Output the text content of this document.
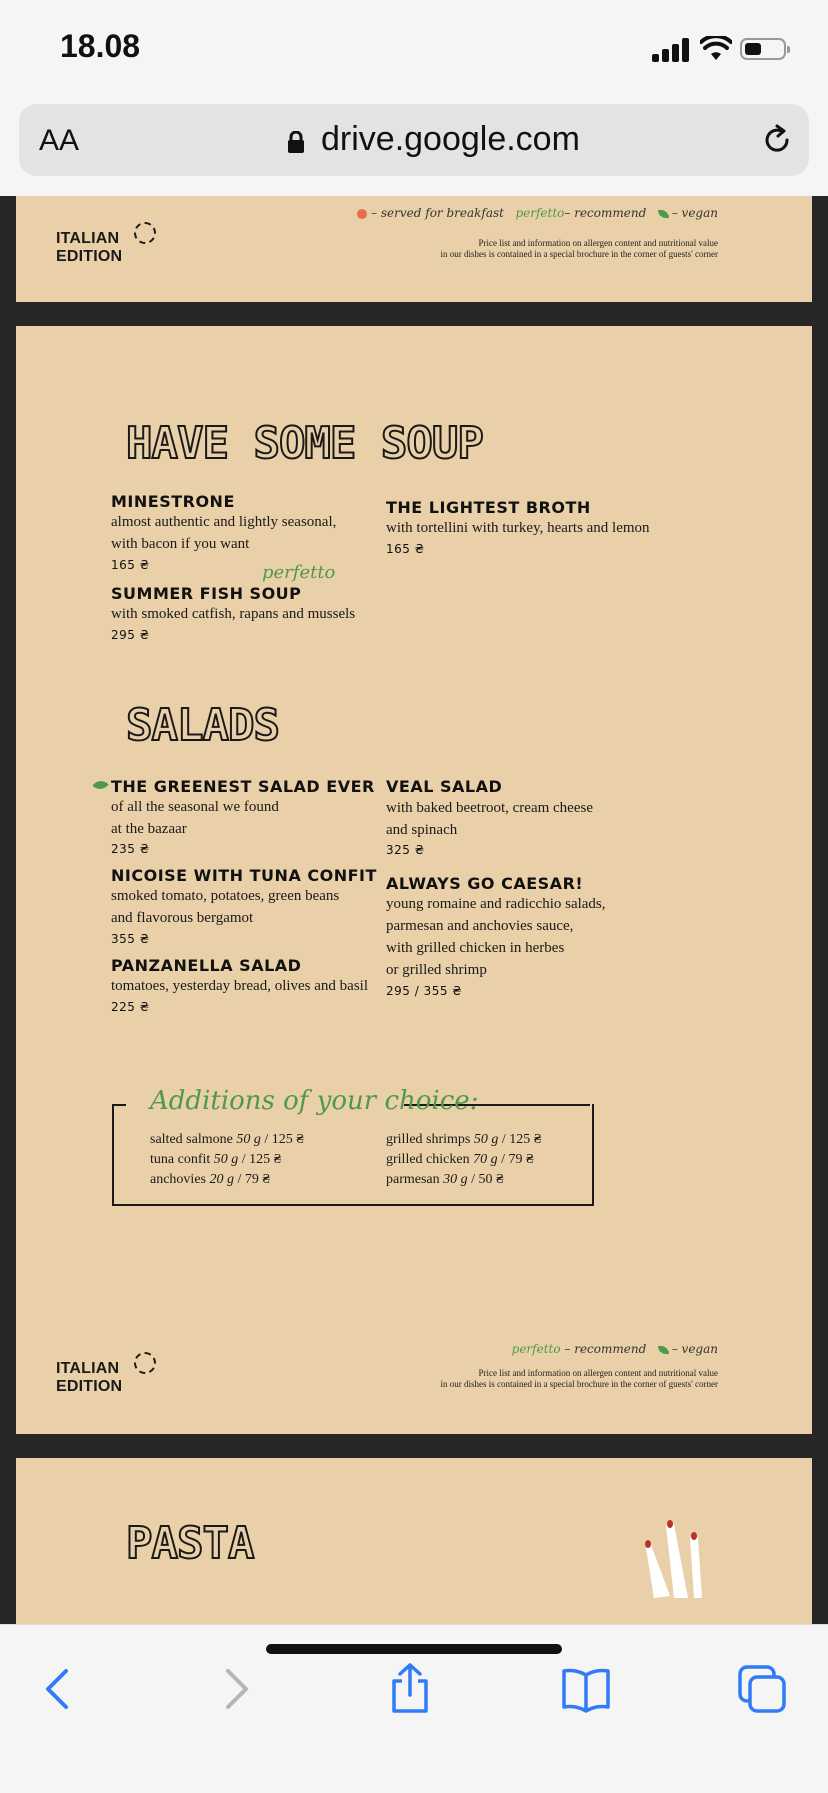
18.08
AA	drive.google.com
– served for breakfast perfetto– recommend – vegan
ITALIAN
EDITION
Price list and information on allergen content and nutritional value
in our dishes is contained in a special brochure in the corner of guests' corner
HAVE SOME SOUP
MINESTRONE
almost authentic and lightly seasonal,
with bacon if you want
165 ₴	perfetto
SUMMER FISH SOUP
with smoked catfish, rapans and mussels
295 ₴
THE LIGHTEST BROTH
with tortellini with turkey, hearts and lemon
165 ₴
SALADS
THE GREENEST SALAD EVER
of all the seasonal we found
at the bazaar
235 ₴
NICOISE WITH TUNA CONFIT
smoked tomato, potatoes, green beans
and flavorous bergamot
355 ₴
PANZANELLA SALAD
tomatoes, yesterday bread, olives and basil
225 ₴
VEAL SALAD
with baked beetroot, cream cheese
and spinach
325 ₴
ALWAYS GO CAESAR!
young romaine and radicchio salads,
parmesan and anchovies sauce,
with grilled chicken in herbes
or grilled shrimp
295 / 355 ₴
Additions of your choice:
salted salmone 50 g / 125 ₴
tuna confit 50 g / 125 ₴
anchovies 20 g / 79 ₴
grilled shrimps 50 g / 125 ₴
grilled chicken 70 g / 79 ₴
parmesan 30 g / 50 ₴
perfetto – recommend – vegan
ITALIAN
EDITION
Price list and information on allergen content and nutritional value
in our dishes is contained in a special brochure in the corner of guests' corner
PASTA
